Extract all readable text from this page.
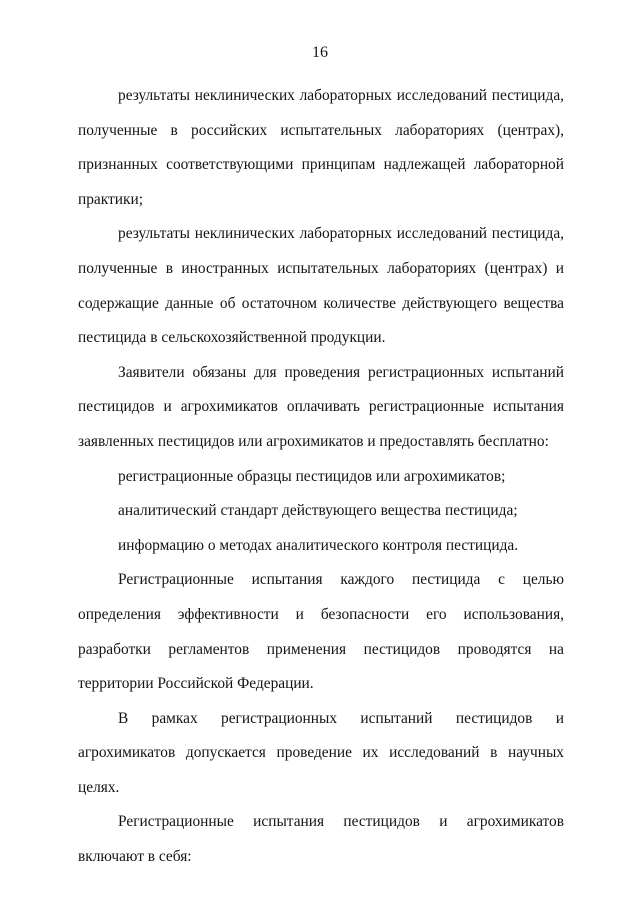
16

результаты неклинических лабораторных исследований пестицида, полученные в российских испытательных лабораториях (центрах), признанных соответствующими принципам надлежащей лабораторной практики;

результаты неклинических лабораторных исследований пестицида, полученные в иностранных испытательных лабораториях (центрах) и содержащие данные об остаточном количестве действующего вещества пестицида в сельскохозяйственной продукции.

Заявители обязаны для проведения регистрационных испытаний пестицидов и агрохимикатов оплачивать регистрационные испытания заявленных пестицидов или агрохимикатов и предоставлять бесплатно:

регистрационные образцы пестицидов или агрохимикатов;

аналитический стандарт действующего вещества пестицида;

информацию о методах аналитического контроля пестицида.

Регистрационные испытания каждого пестицида с целью определения эффективности и безопасности его использования, разработки регламентов применения пестицидов проводятся на территории Российской Федерации.

В рамках регистрационных испытаний пестицидов и агрохимикатов допускается проведение их исследований в научных целях.

Регистрационные испытания пестицидов и агрохимикатов включают в себя:
